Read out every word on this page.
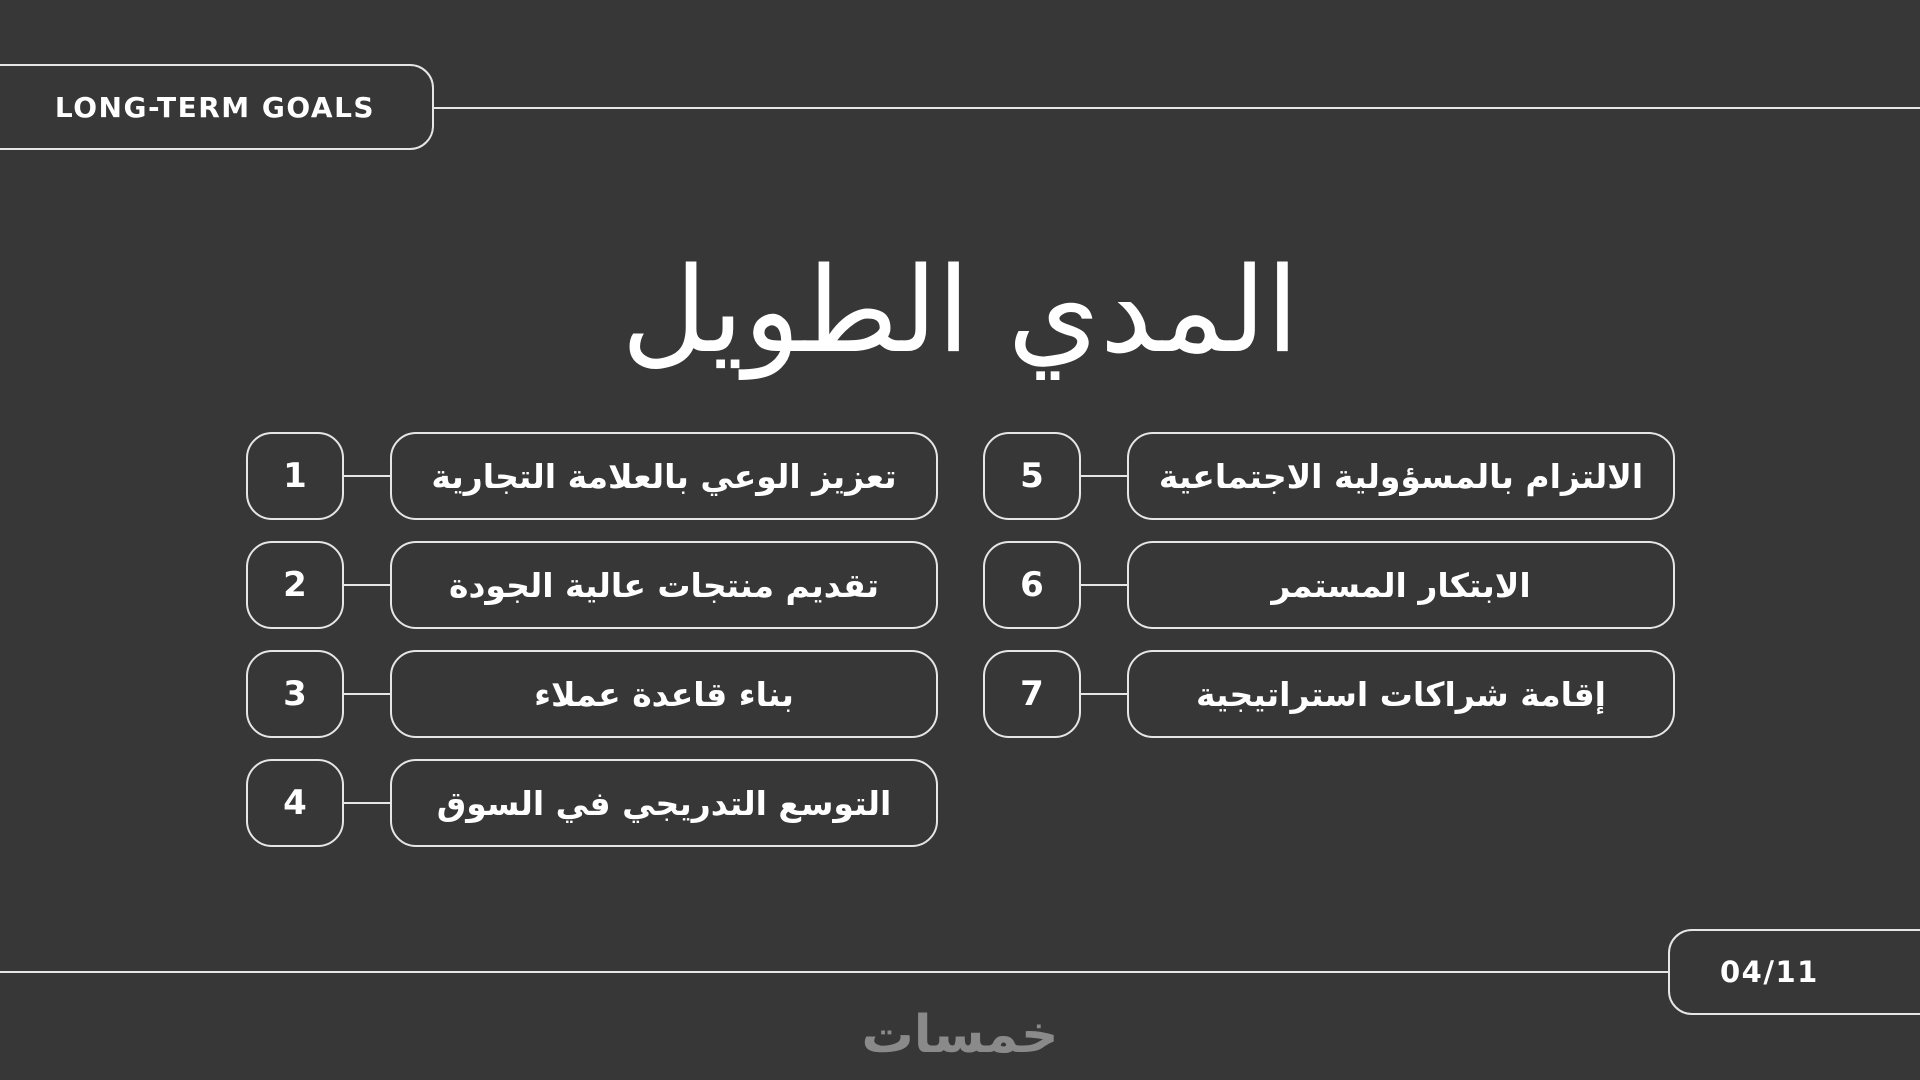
LONG-TERM GOALS
المدي الطويل
1	تعزيز الوعي بالعلامة التجارية
2	تقديم منتجات عالية الجودة
3	بناء قاعدة عملاء
4	التوسع التدريجي في السوق
5	الالتزام بالمسؤولية الاجتماعية
6	الابتكار المستمر
7	إقامة شراكات استراتيجية
04/11
خمسات
